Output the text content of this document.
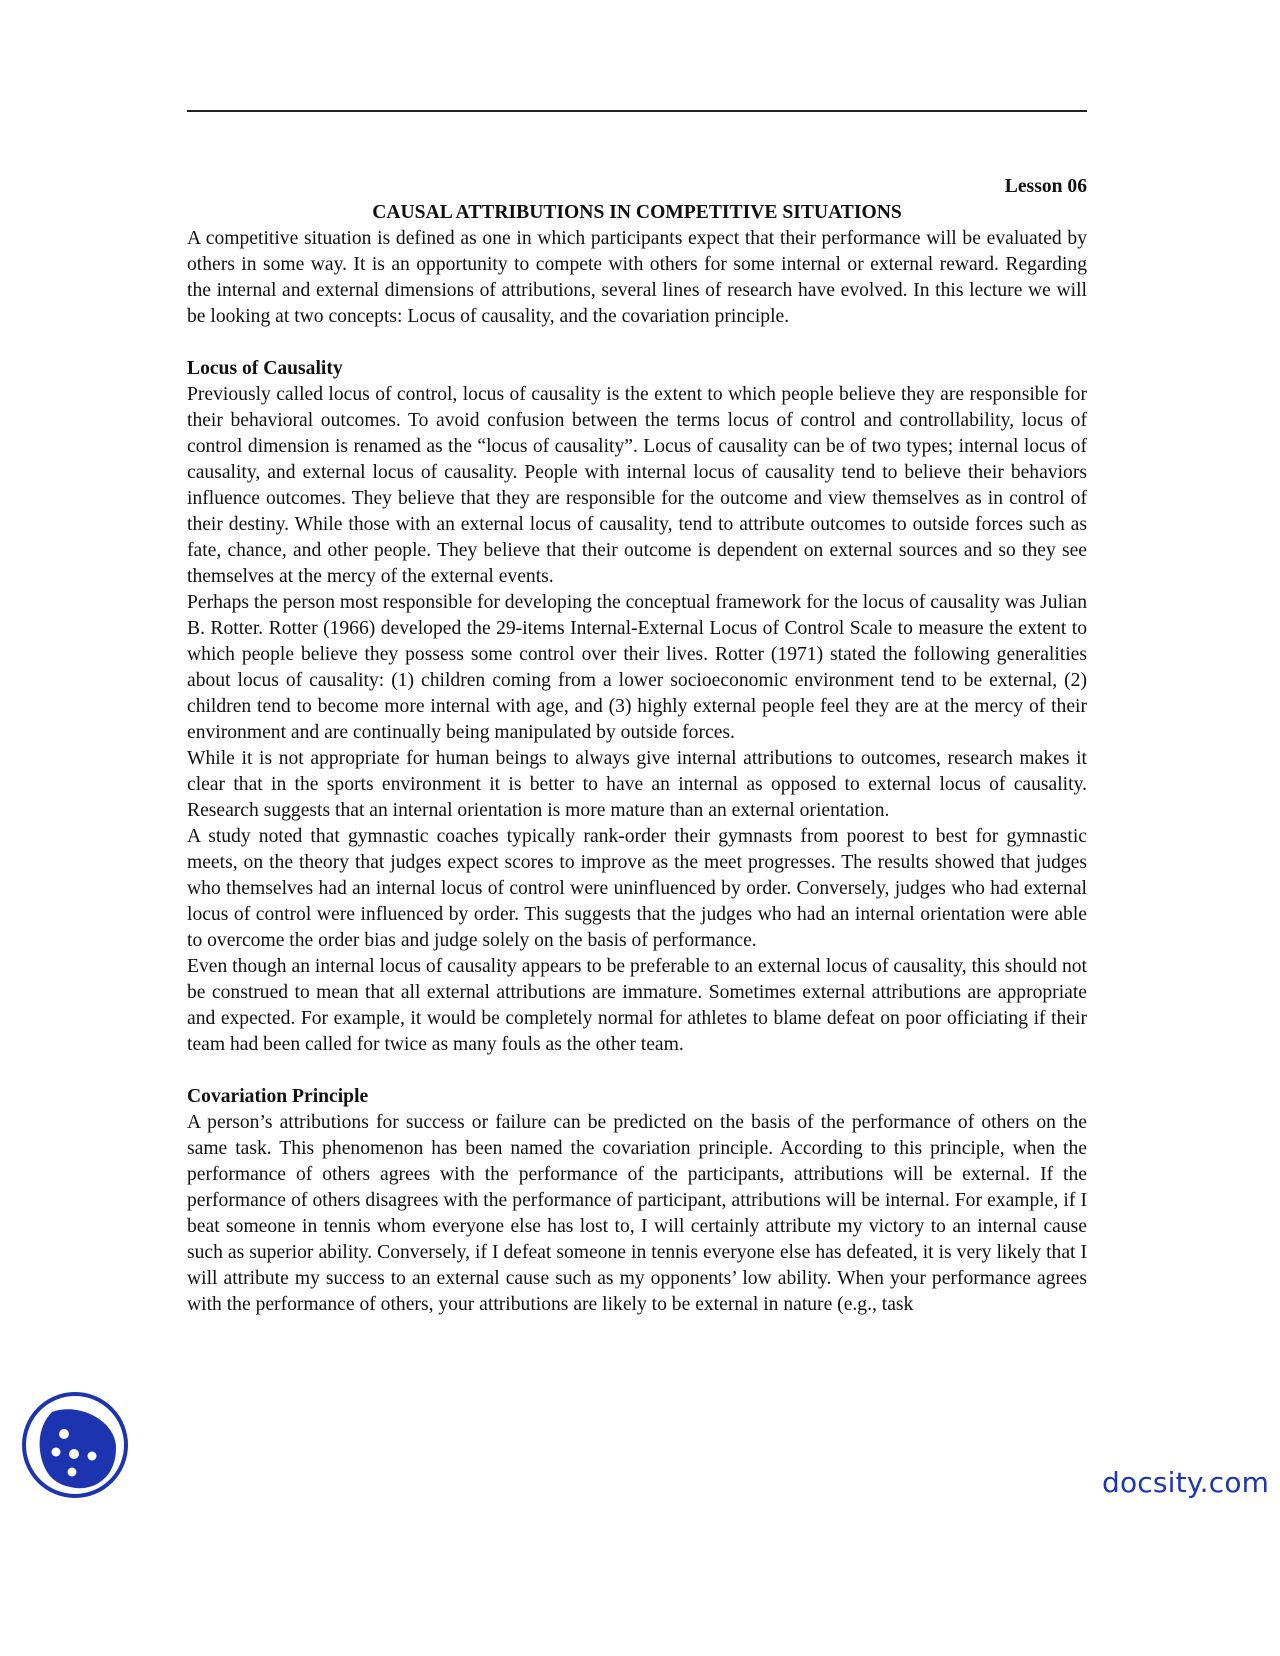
Lesson 06
CAUSAL ATTRIBUTIONS IN COMPETITIVE SITUATIONS

A competitive situation is defined as one in which participants expect that their performance will be evaluated by others in some way. It is an opportunity to compete with others for some internal or external reward. Regarding the internal and external dimensions of attributions, several lines of research have evolved. In this lecture we will be looking at two concepts: Locus of causality, and the covariation principle.

Locus of Causality

Previously called locus of control, locus of causality is the extent to which people believe they are responsible for their behavioral outcomes. To avoid confusion between the terms locus of control and controllability, locus of control dimension is renamed as the “locus of causality”. Locus of causality can be of two types; internal locus of causality, and external locus of causality. People with internal locus of causality tend to believe their behaviors influence outcomes. They believe that they are responsible for the outcome and view themselves as in control of their destiny. While those with an external locus of causality, tend to attribute outcomes to outside forces such as fate, chance, and other people. They believe that their outcome is dependent on external sources and so they see themselves at the mercy of the external events.

Perhaps the person most responsible for developing the conceptual framework for the locus of causality was Julian B. Rotter. Rotter (1966) developed the 29-items Internal-External Locus of Control Scale to measure the extent to which people believe they possess some control over their lives. Rotter (1971) stated the following generalities about locus of causality: (1) children coming from a lower socioeconomic environment tend to be external, (2) children tend to become more internal with age, and (3) highly external people feel they are at the mercy of their environment and are continually being manipulated by outside forces.

While it is not appropriate for human beings to always give internal attributions to outcomes, research makes it clear that in the sports environment it is better to have an internal as opposed to external locus of causality. Research suggests that an internal orientation is more mature than an external orientation.

A study noted that gymnastic coaches typically rank-order their gymnasts from poorest to best for gymnastic meets, on the theory that judges expect scores to improve as the meet progresses. The results showed that judges who themselves had an internal locus of control were uninfluenced by order. Conversely, judges who had external locus of control were influenced by order. This suggests that the judges who had an internal orientation were able to overcome the order bias and judge solely on the basis of performance.

Even though an internal locus of causality appears to be preferable to an external locus of causality, this should not be construed to mean that all external attributions are immature. Sometimes external attributions are appropriate and expected. For example, it would be completely normal for athletes to blame defeat on poor officiating if their team had been called for twice as many fouls as the other team.

Covariation Principle

A person’s attributions for success or failure can be predicted on the basis of the performance of others on the same task. This phenomenon has been named the covariation principle. According to this principle, when the performance of others agrees with the performance of the participants, attributions will be external. If the performance of others disagrees with the performance of participant, attributions will be internal. For example, if I beat someone in tennis whom everyone else has lost to, I will certainly attribute my victory to an internal cause such as superior ability. Conversely, if I defeat someone in tennis everyone else has defeated, it is very likely that I will attribute my success to an external cause such as my opponents’ low ability. When your performance agrees with the performance of others, your attributions are likely to be external in nature (e.g., task

docsity.com
